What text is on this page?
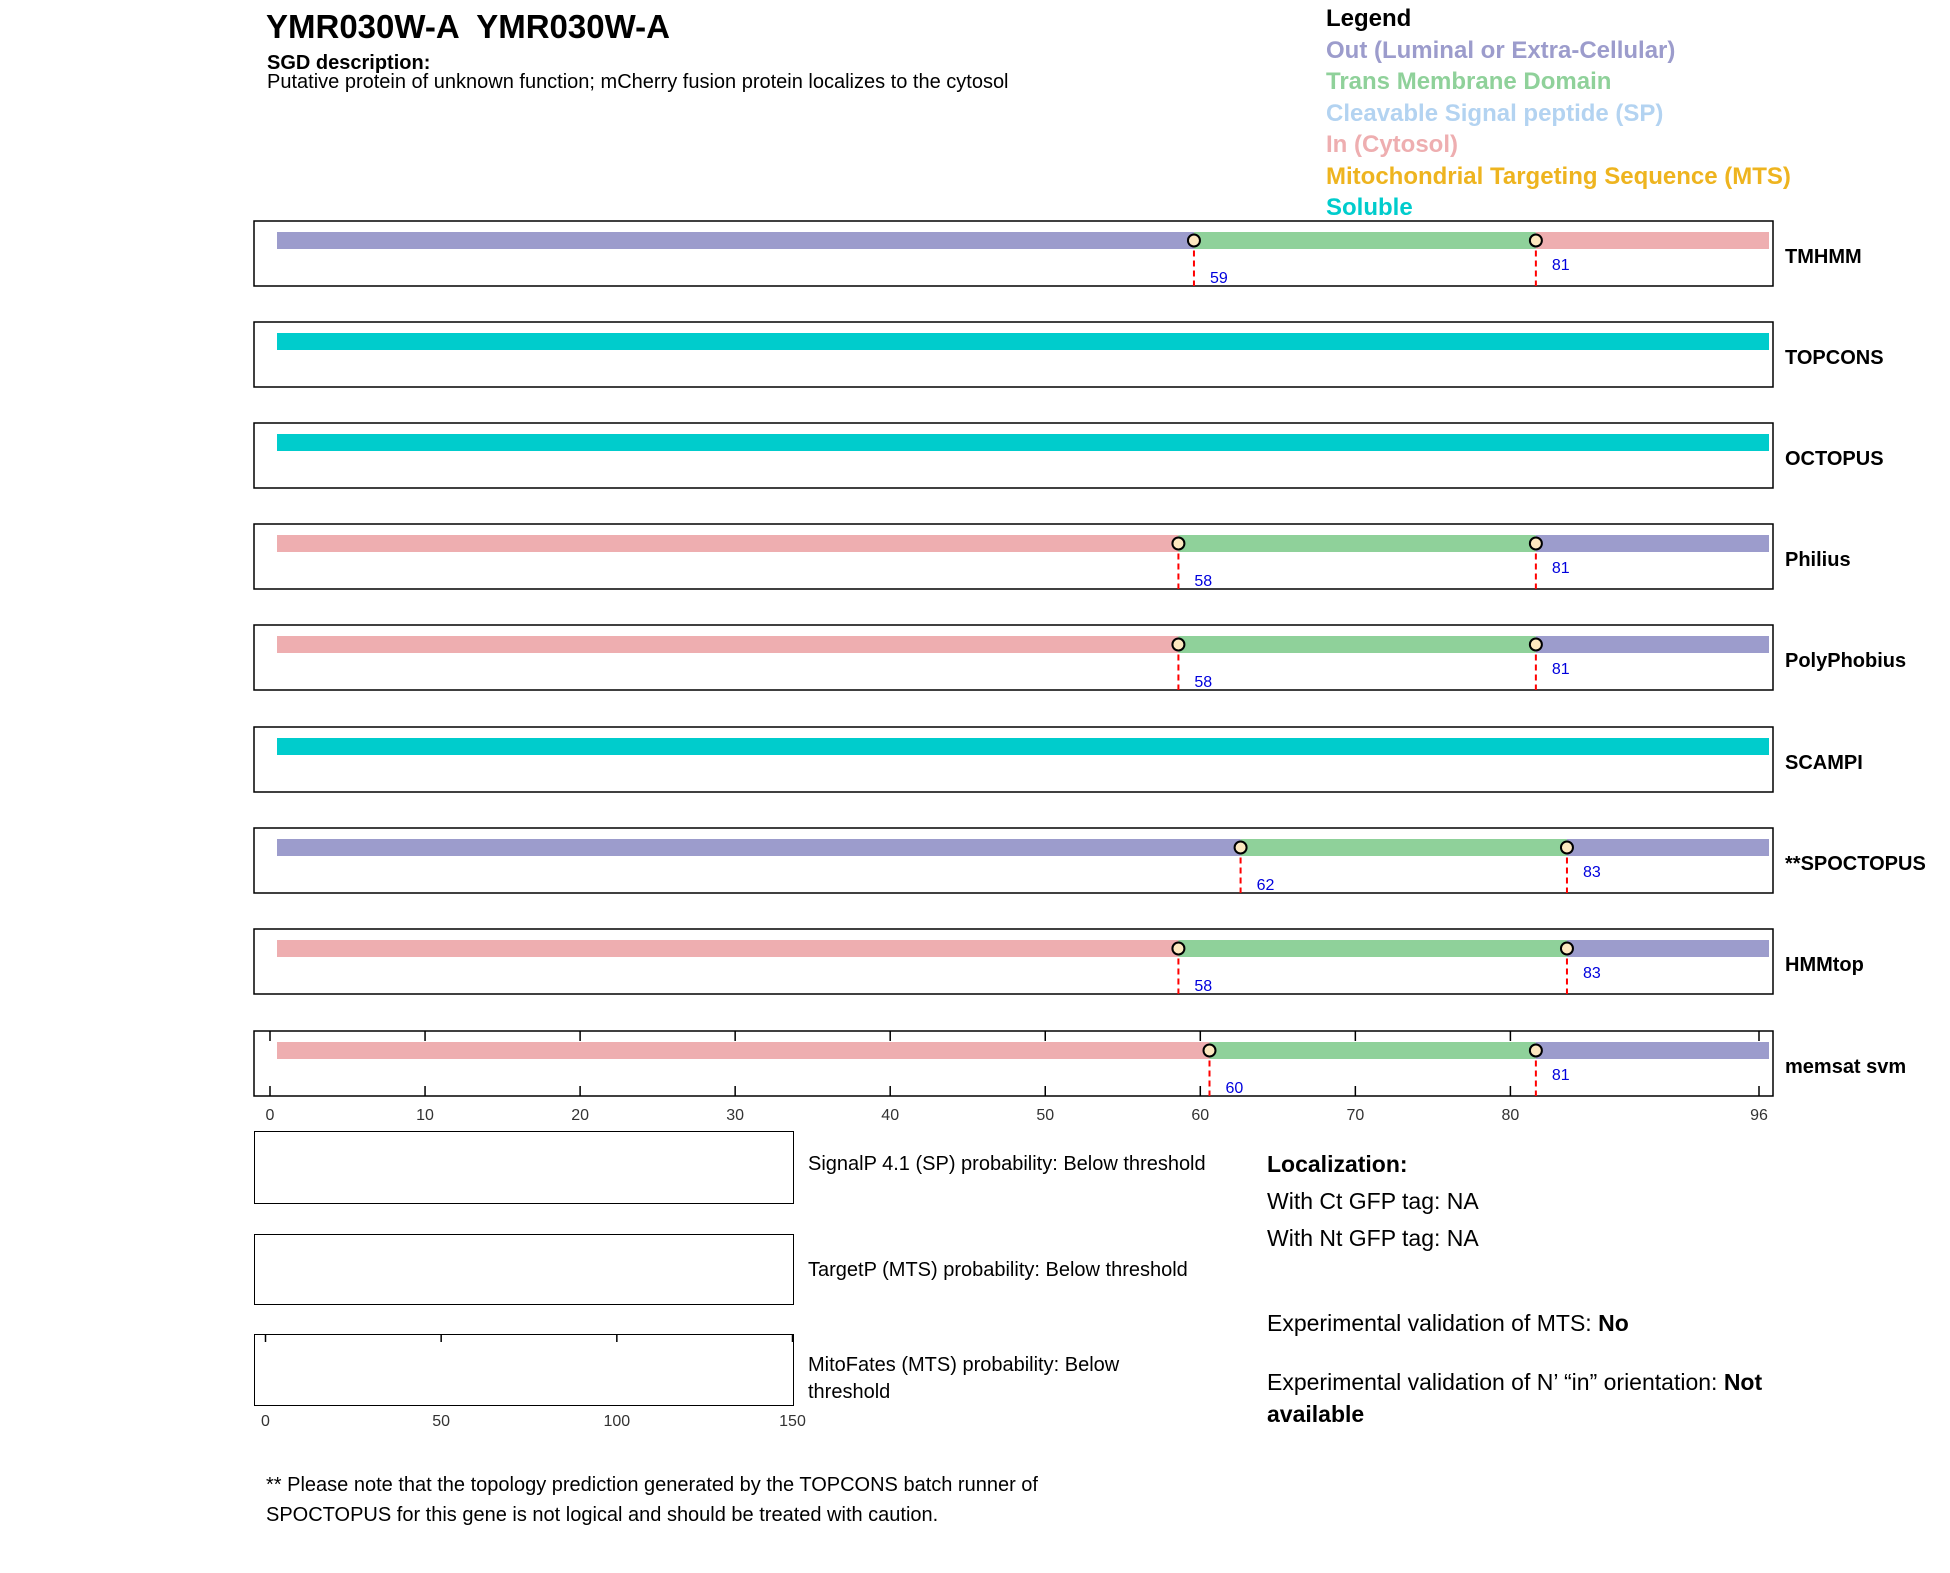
YMR030W-A  YMR030W-A
SGD description:
Putative protein of unknown function; mCherry fusion protein localizes to the cytosol
Legend
Out (Luminal or Extra-Cellular)
Trans Membrane Domain
Cleavable Signal peptide (SP)
In (Cytosol)
Mitochondrial Targeting Sequence (MTS)
Soluble
59
81	TMHMM
TOPCONS
OCTOPUS
58
81	Philius
58
81	PolyPhobius
SCAMPI
62
83	**SPOCTOPUS
58
83	HMMtop
60
81	memsat svm
0	10	20	30	40	50	60	70	80	96
SignalP 4.1 (SP) probability: Below threshold
TargetP (MTS) probability: Below threshold
0	50	100	150
MitoFates (MTS) probability: Below
threshold
Localization:
With Ct GFP tag: NA
With Nt GFP tag: NA
Experimental validation of MTS: No
Experimental validation of N’ “in” orientation: Not
available
** Please note that the topology prediction generated by the TOPCONS batch runner of
SPOCTOPUS for this gene is not logical and should be treated with caution.
